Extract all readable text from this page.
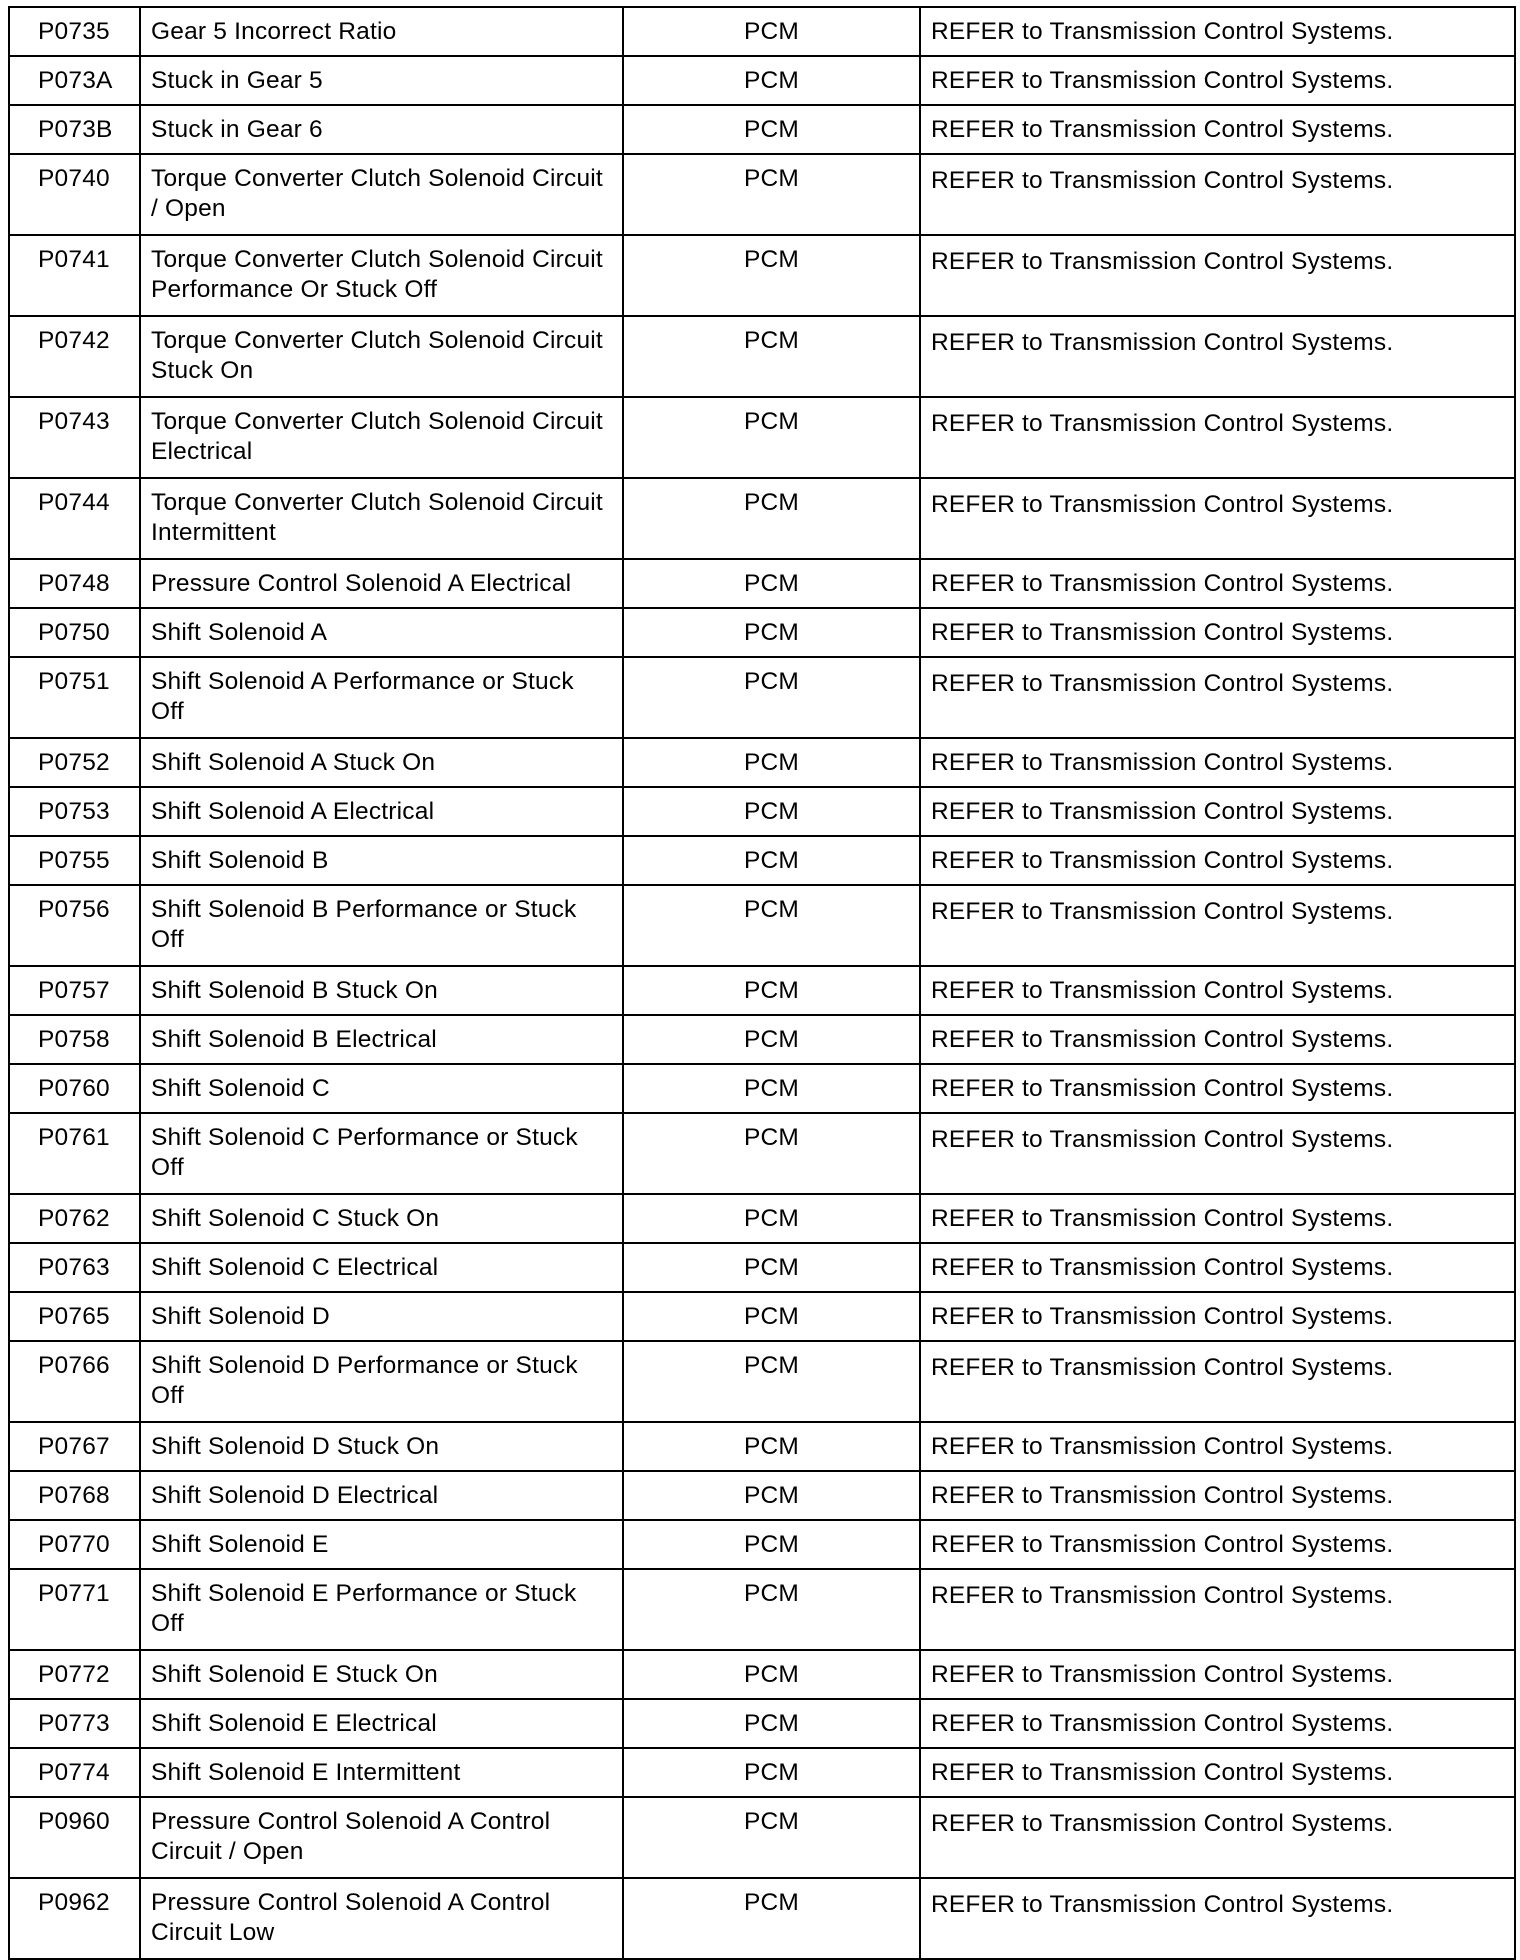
P0735	Gear 5 Incorrect Ratio	PCM	REFER to Transmission Control Systems.
P073A	Stuck in Gear 5	PCM	REFER to Transmission Control Systems.
P073B	Stuck in Gear 6	PCM	REFER to Transmission Control Systems.
P0740	Torque Converter Clutch Solenoid Circuit / Open	PCM	REFER to Transmission Control Systems.
P0741	Torque Converter Clutch Solenoid Circuit Performance Or Stuck Off	PCM	REFER to Transmission Control Systems.
P0742	Torque Converter Clutch Solenoid Circuit Stuck On	PCM	REFER to Transmission Control Systems.
P0743	Torque Converter Clutch Solenoid Circuit Electrical	PCM	REFER to Transmission Control Systems.
P0744	Torque Converter Clutch Solenoid Circuit Intermittent	PCM	REFER to Transmission Control Systems.
P0748	Pressure Control Solenoid A Electrical	PCM	REFER to Transmission Control Systems.
P0750	Shift Solenoid A	PCM	REFER to Transmission Control Systems.
P0751	Shift Solenoid A Performance or Stuck Off	PCM	REFER to Transmission Control Systems.
P0752	Shift Solenoid A Stuck On	PCM	REFER to Transmission Control Systems.
P0753	Shift Solenoid A Electrical	PCM	REFER to Transmission Control Systems.
P0755	Shift Solenoid B	PCM	REFER to Transmission Control Systems.
P0756	Shift Solenoid B Performance or Stuck Off	PCM	REFER to Transmission Control Systems.
P0757	Shift Solenoid B Stuck On	PCM	REFER to Transmission Control Systems.
P0758	Shift Solenoid B Electrical	PCM	REFER to Transmission Control Systems.
P0760	Shift Solenoid C	PCM	REFER to Transmission Control Systems.
P0761	Shift Solenoid C Performance or Stuck Off	PCM	REFER to Transmission Control Systems.
P0762	Shift Solenoid C Stuck On	PCM	REFER to Transmission Control Systems.
P0763	Shift Solenoid C Electrical	PCM	REFER to Transmission Control Systems.
P0765	Shift Solenoid D	PCM	REFER to Transmission Control Systems.
P0766	Shift Solenoid D Performance or Stuck Off	PCM	REFER to Transmission Control Systems.
P0767	Shift Solenoid D Stuck On	PCM	REFER to Transmission Control Systems.
P0768	Shift Solenoid D Electrical	PCM	REFER to Transmission Control Systems.
P0770	Shift Solenoid E	PCM	REFER to Transmission Control Systems.
P0771	Shift Solenoid E Performance or Stuck Off	PCM	REFER to Transmission Control Systems.
P0772	Shift Solenoid E Stuck On	PCM	REFER to Transmission Control Systems.
P0773	Shift Solenoid E Electrical	PCM	REFER to Transmission Control Systems.
P0774	Shift Solenoid E Intermittent	PCM	REFER to Transmission Control Systems.
P0960	Pressure Control Solenoid A Control Circuit / Open	PCM	REFER to Transmission Control Systems.
P0962	Pressure Control Solenoid A Control Circuit Low	PCM	REFER to Transmission Control Systems.
